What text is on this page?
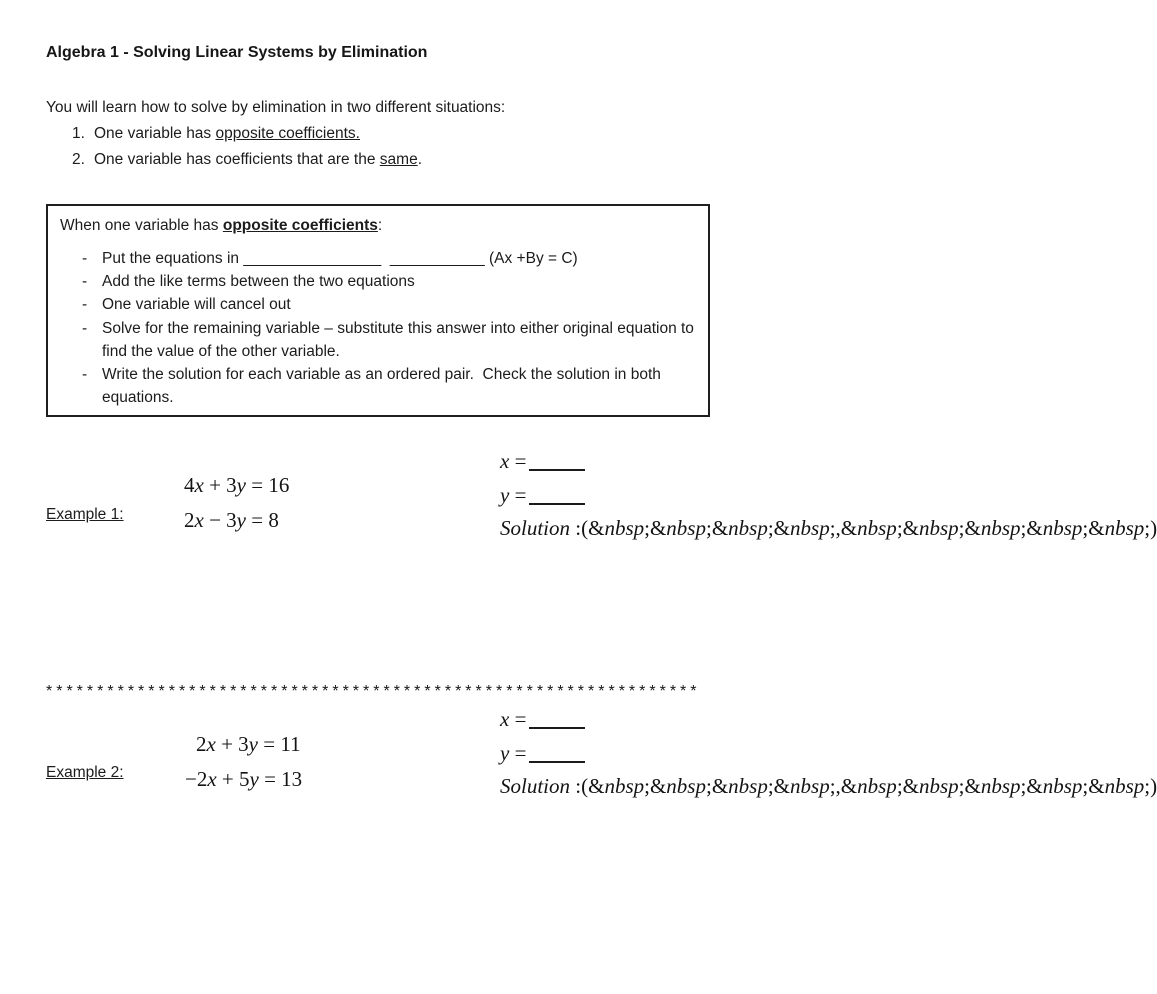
Algebra 1 - Solving Linear Systems by Elimination

You will learn how to solve by elimination in two different situations:

1. One variable has opposite coefficients.
2. One variable has coefficients that are the same.

When one variable has opposite coefficients:

- Put the equations in ________________  ___________ (Ax +By = C)
- Add the like terms between the two equations
- One variable will cancel out
- Solve for the remaining variable – substitute this answer into either original equation to find the value of the other variable.
- Write the solution for each variable as an ordered pair.  Check the solution in both equations.
Example 1:
4x + 3y = 16
2x − 3y = 8
x =
y =
Solution :(&nbsp;&nbsp;&nbsp;&nbsp;,&nbsp;&nbsp;&nbsp;&nbsp;&nbsp;)
****************************************************************
Example 2:
2x + 3y = 11
−2x + 5y = 13
x =
y =
Solution :(&nbsp;&nbsp;&nbsp;&nbsp;,&nbsp;&nbsp;&nbsp;&nbsp;&nbsp;)
